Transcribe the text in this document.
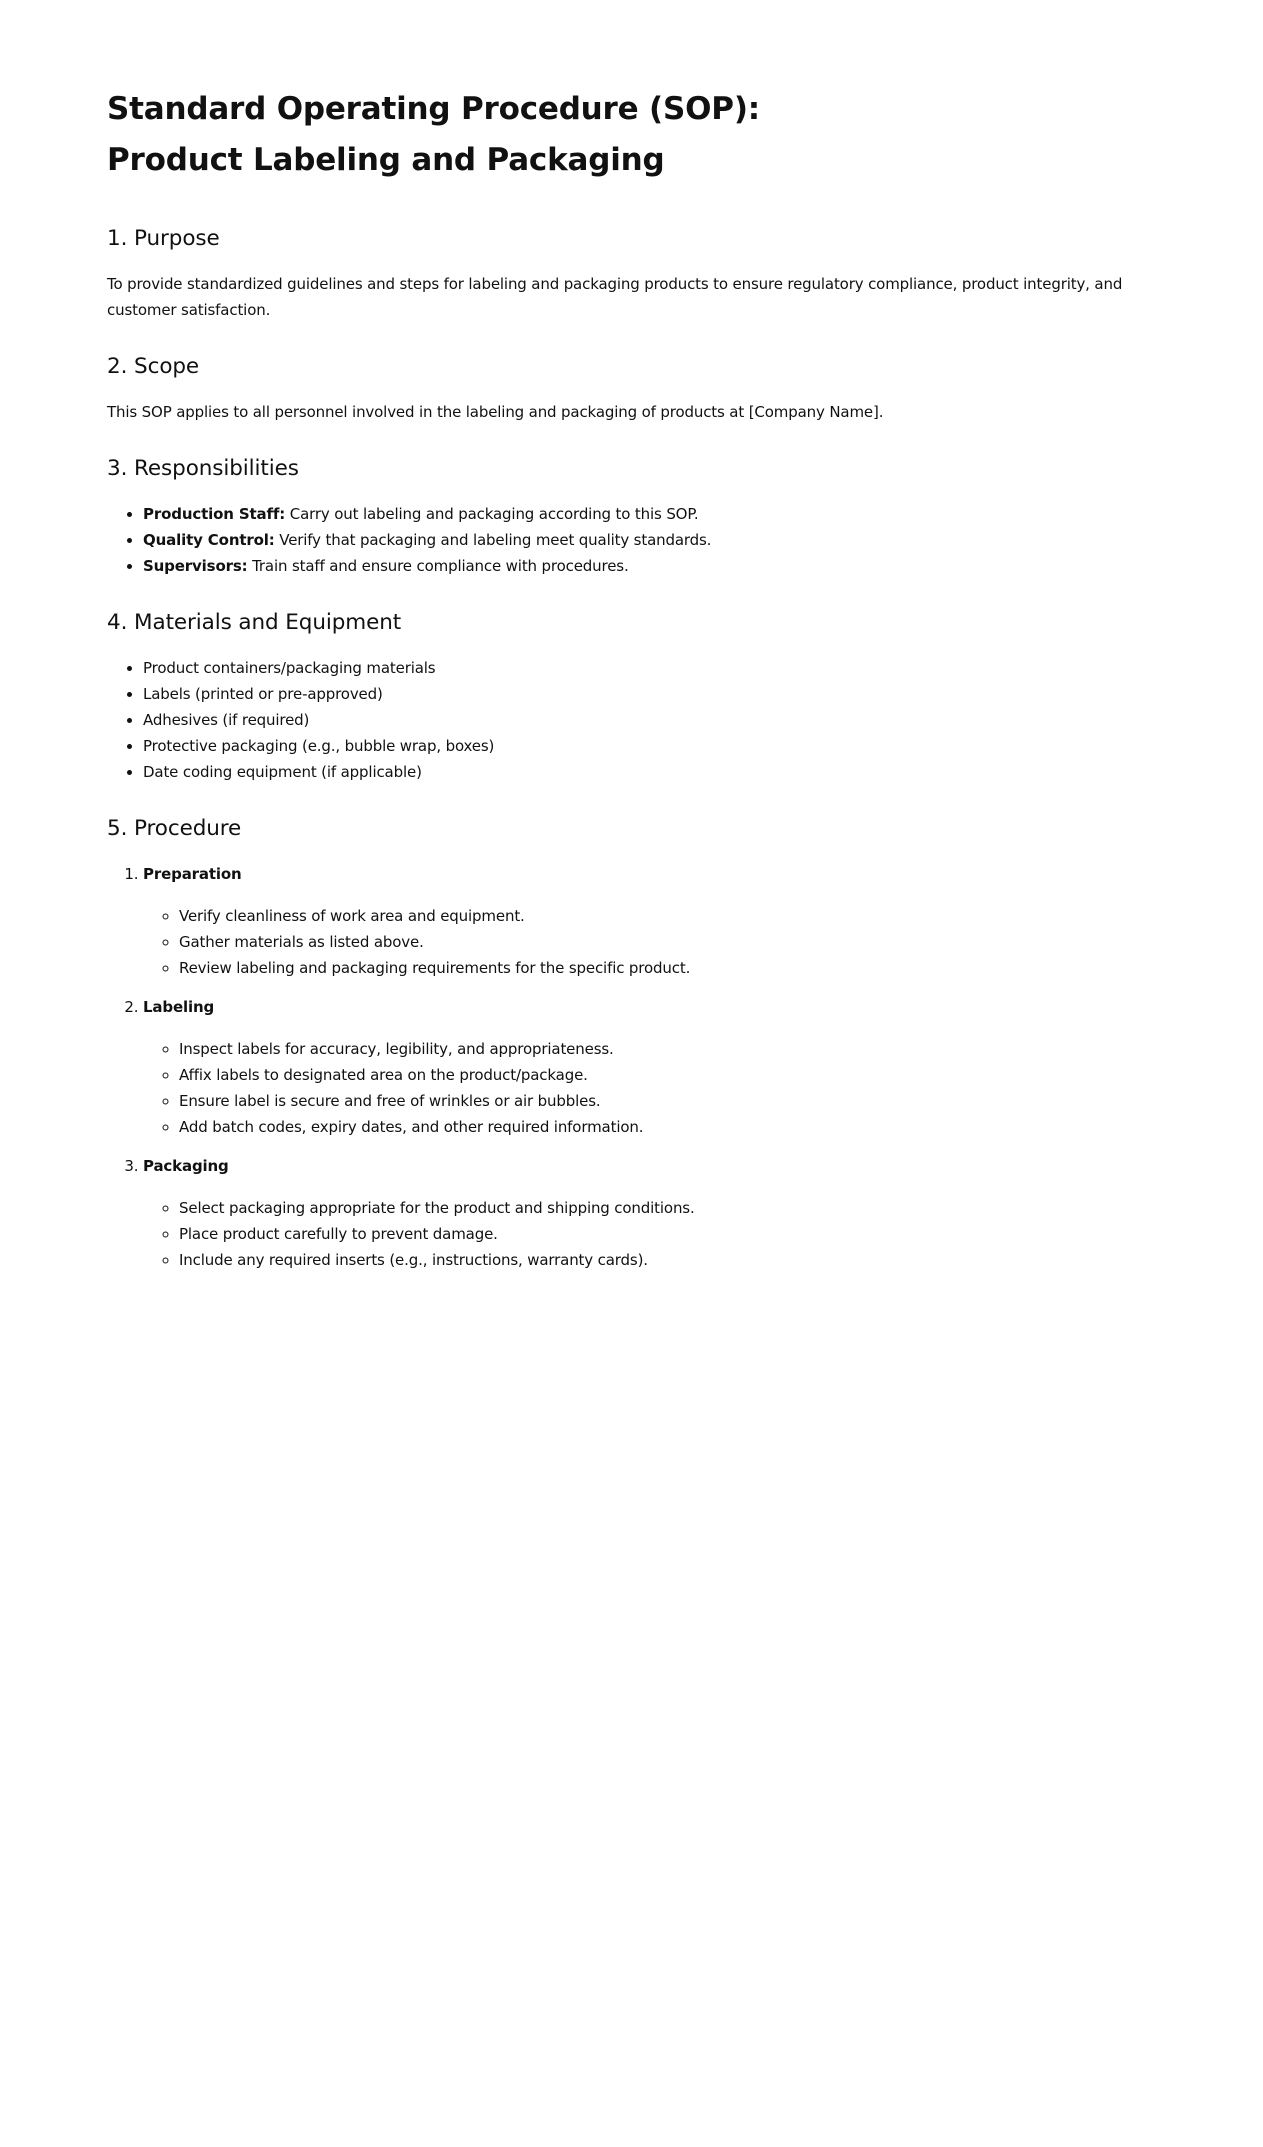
Standard Operating Procedure (SOP):
Product Labeling and Packaging
1. Purpose

To provide standardized guidelines and steps for labeling and packaging products to ensure regulatory compliance, product integrity, and customer satisfaction.

2. Scope

This SOP applies to all personnel involved in the labeling and packaging of products at [Company Name].

3. Responsibilities
• Production Staff: Carry out labeling and packaging according to this SOP.
• Quality Control: Verify that packaging and labeling meet quality standards.
• Supervisors: Train staff and ensure compliance with procedures.
4. Materials and Equipment
• Product containers/packaging materials
• Labels (printed or pre-approved)
• Adhesives (if required)
• Protective packaging (e.g., bubble wrap, boxes)
• Date coding equipment (if applicable)
5. Procedure
1. Preparation
◦ Verify cleanliness of work area and equipment.
◦ Gather materials as listed above.
◦ Review labeling and packaging requirements for the specific product.
2. Labeling
◦ Inspect labels for accuracy, legibility, and appropriateness.
◦ Affix labels to designated area on the product/package.
◦ Ensure label is secure and free of wrinkles or air bubbles.
◦ Add batch codes, expiry dates, and other required information.
3. Packaging
◦ Select packaging appropriate for the product and shipping conditions.
◦ Place product carefully to prevent damage.
◦ Include any required inserts (e.g., instructions, warranty cards).
